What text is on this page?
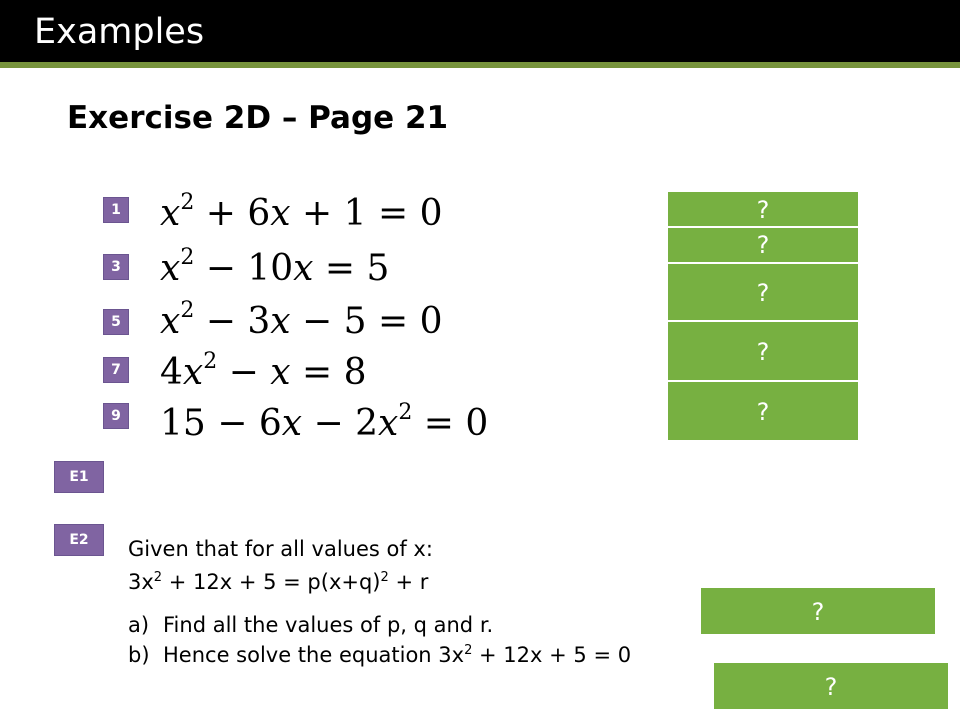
Examples
Exercise 2D – Page 21
1
3
5
7
9
$x^2 + 6x + 1 = 0$
$x^2 - 10x = 5$
$x^2 - 3x - 5 = 0$
$4x^2 - x = 8$
$15 - 6x - 2x^2 = 0$
?
?
?
?
?
E1
E2	Given that for all values of x:
$3x^2 + 12x + 5 = p(x+q)^2 + r$
a) Find all the values of p, q and r.
b) Hence solve the equation $3x^2 + 12x + 5 = 0$
?
?
